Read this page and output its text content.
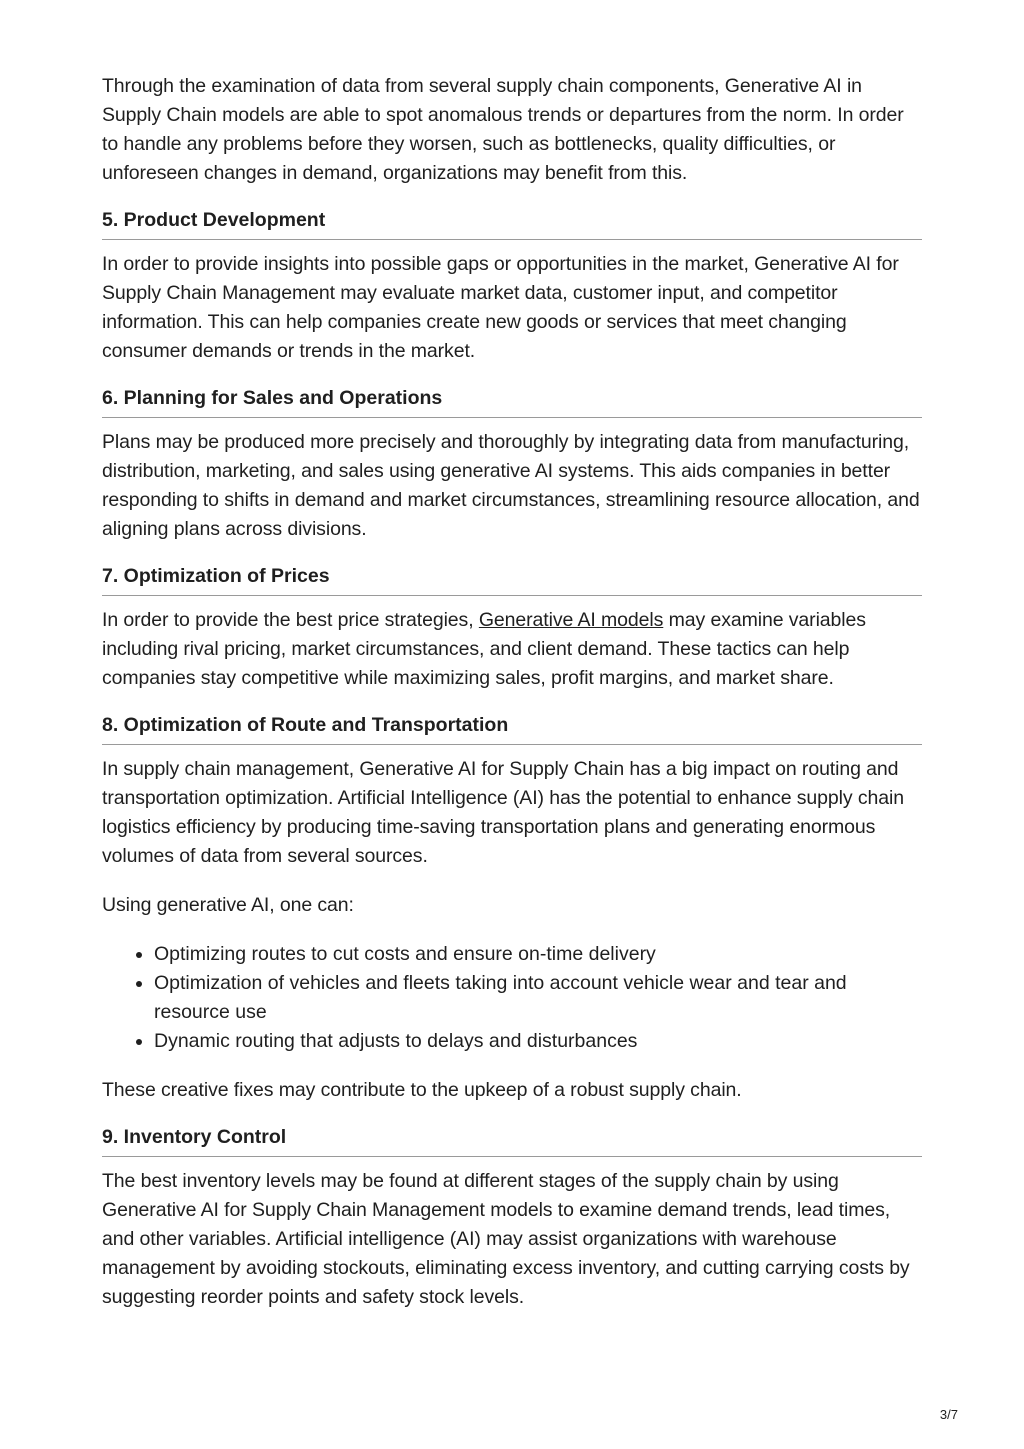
Through the examination of data from several supply chain components, Generative AI in Supply Chain models are able to spot anomalous trends or departures from the norm. In order to handle any problems before they worsen, such as bottlenecks, quality difficulties, or unforeseen changes in demand, organizations may benefit from this.

5. Product Development

In order to provide insights into possible gaps or opportunities in the market, Generative AI for Supply Chain Management may evaluate market data, customer input, and competitor information. This can help companies create new goods or services that meet changing consumer demands or trends in the market.

6. Planning for Sales and Operations

Plans may be produced more precisely and thoroughly by integrating data from manufacturing, distribution, marketing, and sales using generative AI systems. This aids companies in better responding to shifts in demand and market circumstances, streamlining resource allocation, and aligning plans across divisions.

7. Optimization of Prices

In order to provide the best price strategies, Generative AI models may examine variables including rival pricing, market circumstances, and client demand. These tactics can help companies stay competitive while maximizing sales, profit margins, and market share.

8. Optimization of Route and Transportation

In supply chain management, Generative AI for Supply Chain has a big impact on routing and transportation optimization. Artificial Intelligence (AI) has the potential to enhance supply chain logistics efficiency by producing time-saving transportation plans and generating enormous volumes of data from several sources.

Using generative AI, one can:

• Optimizing routes to cut costs and ensure on-time delivery
• Optimization of vehicles and fleets taking into account vehicle wear and tear and resource use
• Dynamic routing that adjusts to delays and disturbances

These creative fixes may contribute to the upkeep of a robust supply chain.

9. Inventory Control

The best inventory levels may be found at different stages of the supply chain by using Generative AI for Supply Chain Management models to examine demand trends, lead times, and other variables. Artificial intelligence (AI) may assist organizations with warehouse management by avoiding stockouts, eliminating excess inventory, and cutting carrying costs by suggesting reorder points and safety stock levels.

3/7
